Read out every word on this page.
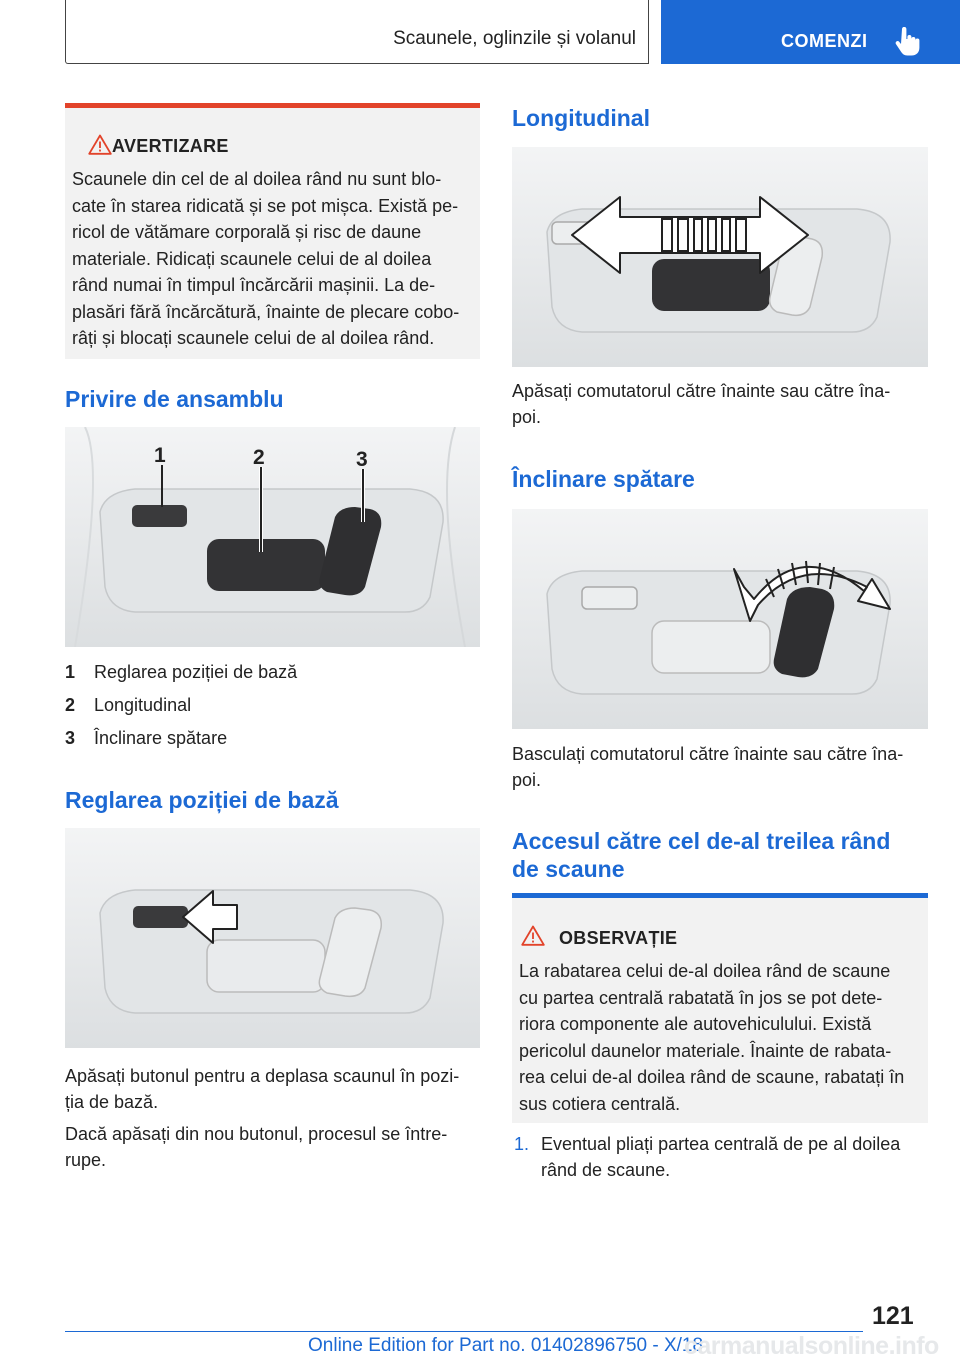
Scaunele, oglinzile și volanul	COMENZI
AVERTIZARE
Scaunele din cel de al doilea rând nu sunt blo‐
cate în starea ridicată și se pot mișca. Există pe‐
ricol de vătămare corporală și risc de daune
materiale. Ridicați scaunele celui de al doilea
rând numai în timpul încărcării mașinii. La de‐
plasări fără încărcătură, înainte de plecare cobo‐
râți și blocați scaunele celui de al doilea rând.
Privire de ansamblu
1	2	3
1 Reglarea poziției de bază
2 Longitudinal
3 Înclinare spătare
Reglarea poziției de bază
Apăsați butonul pentru a deplasa scaunul în pozi‐
ția de bază.
Dacă apăsați din nou butonul, procesul se între‐
rupe.
Longitudinal
Apăsați comutatorul către înainte sau către îna‐
poi.
Înclinare spătare
Basculați comutatorul către înainte sau către îna‐
poi.
Accesul către cel de-al treilea rând
de scaune
OBSERVAȚIE
La rabatarea celui de-al doilea rând de scaune
cu partea centrală rabatată în jos se pot dete‐
riora componente ale autovehiculului. Există
pericolul daunelor materiale. Înainte de rabata‐
rea celui de-al doilea rând de scaune, rabatați în
sus cotiera centrală.
1. Eventual pliați partea centrală de pe al doilea
rând de scaune.
121
Online Edition for Part no. 01402896750 - X/18
carmanualsonline.info
